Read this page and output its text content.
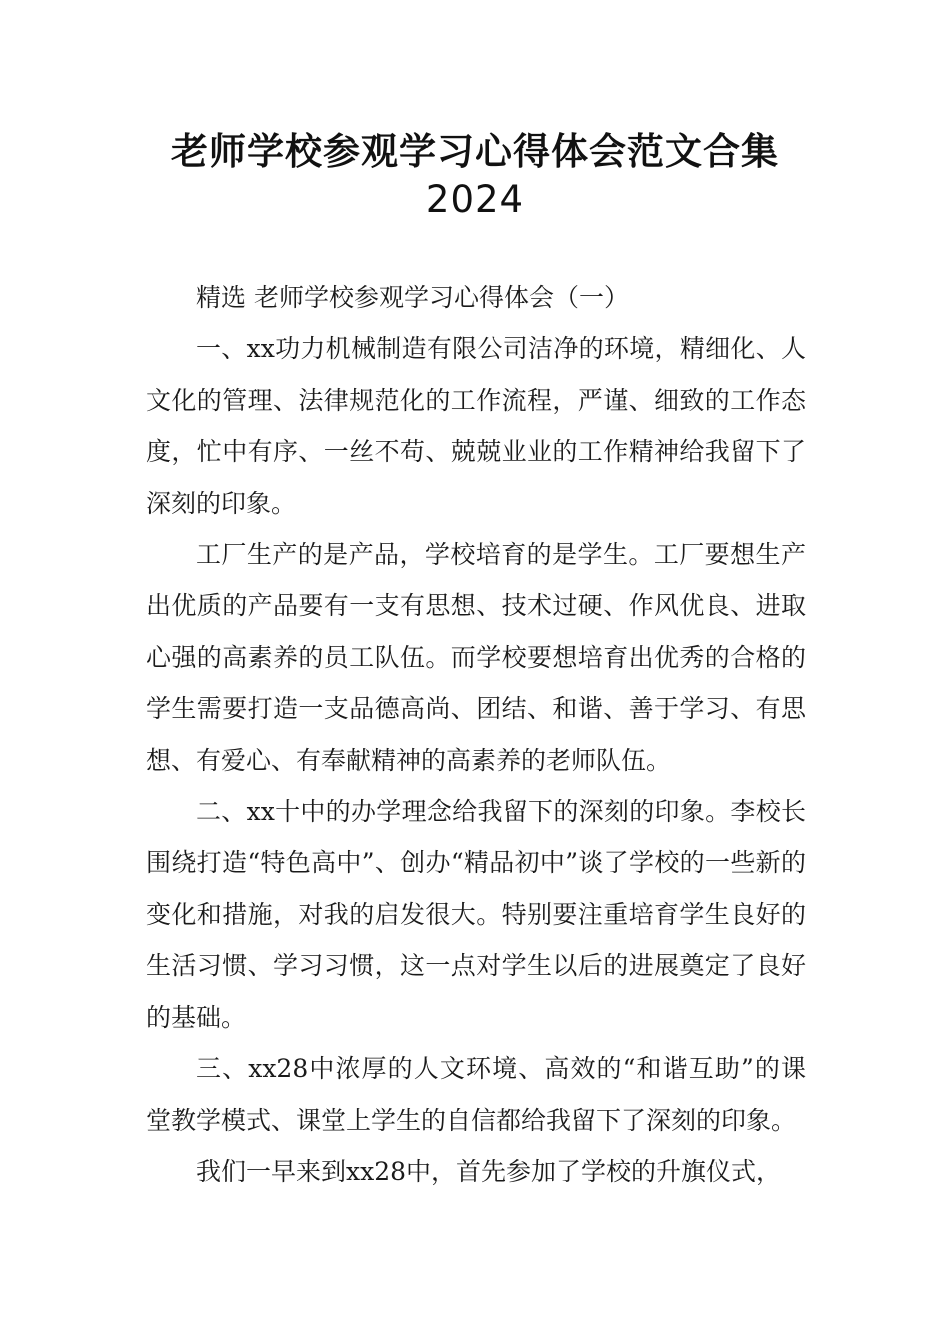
老师学校参观学习心得体会范文合集
2024

精选 老师学校参观学习心得体会（一）

一、xx功力机械制造有限公司洁净的环境，精细化、人文化的管理、法律规范化的工作流程，严谨、细致的工作态度，忙中有序、一丝不苟、兢兢业业的工作精神给我留下了深刻的印象。

工厂生产的是产品，学校培育的是学生。工厂要想生产出优质的产品要有一支有思想、技术过硬、作风优良、进取心强的高素养的员工队伍。而学校要想培育出优秀的合格的学生需要打造一支品德高尚、团结、和谐、善于学习、有思想、有爱心、有奉献精神的高素养的老师队伍。

二、xx十中的办学理念给我留下的深刻的印象。李校长围绕打造“特色高中”、创办“精品初中”谈了学校的一些新的变化和措施，对我的启发很大。特别要注重培育学生良好的生活习惯、学习习惯，这一点对学生以后的进展奠定了良好的基础。

三、xx28中浓厚的人文环境、高效的“和谐互助”的课堂教学模式、课堂上学生的自信都给我留下了深刻的印象。

我们一早来到xx28中，首先参加了学校的升旗仪式，
